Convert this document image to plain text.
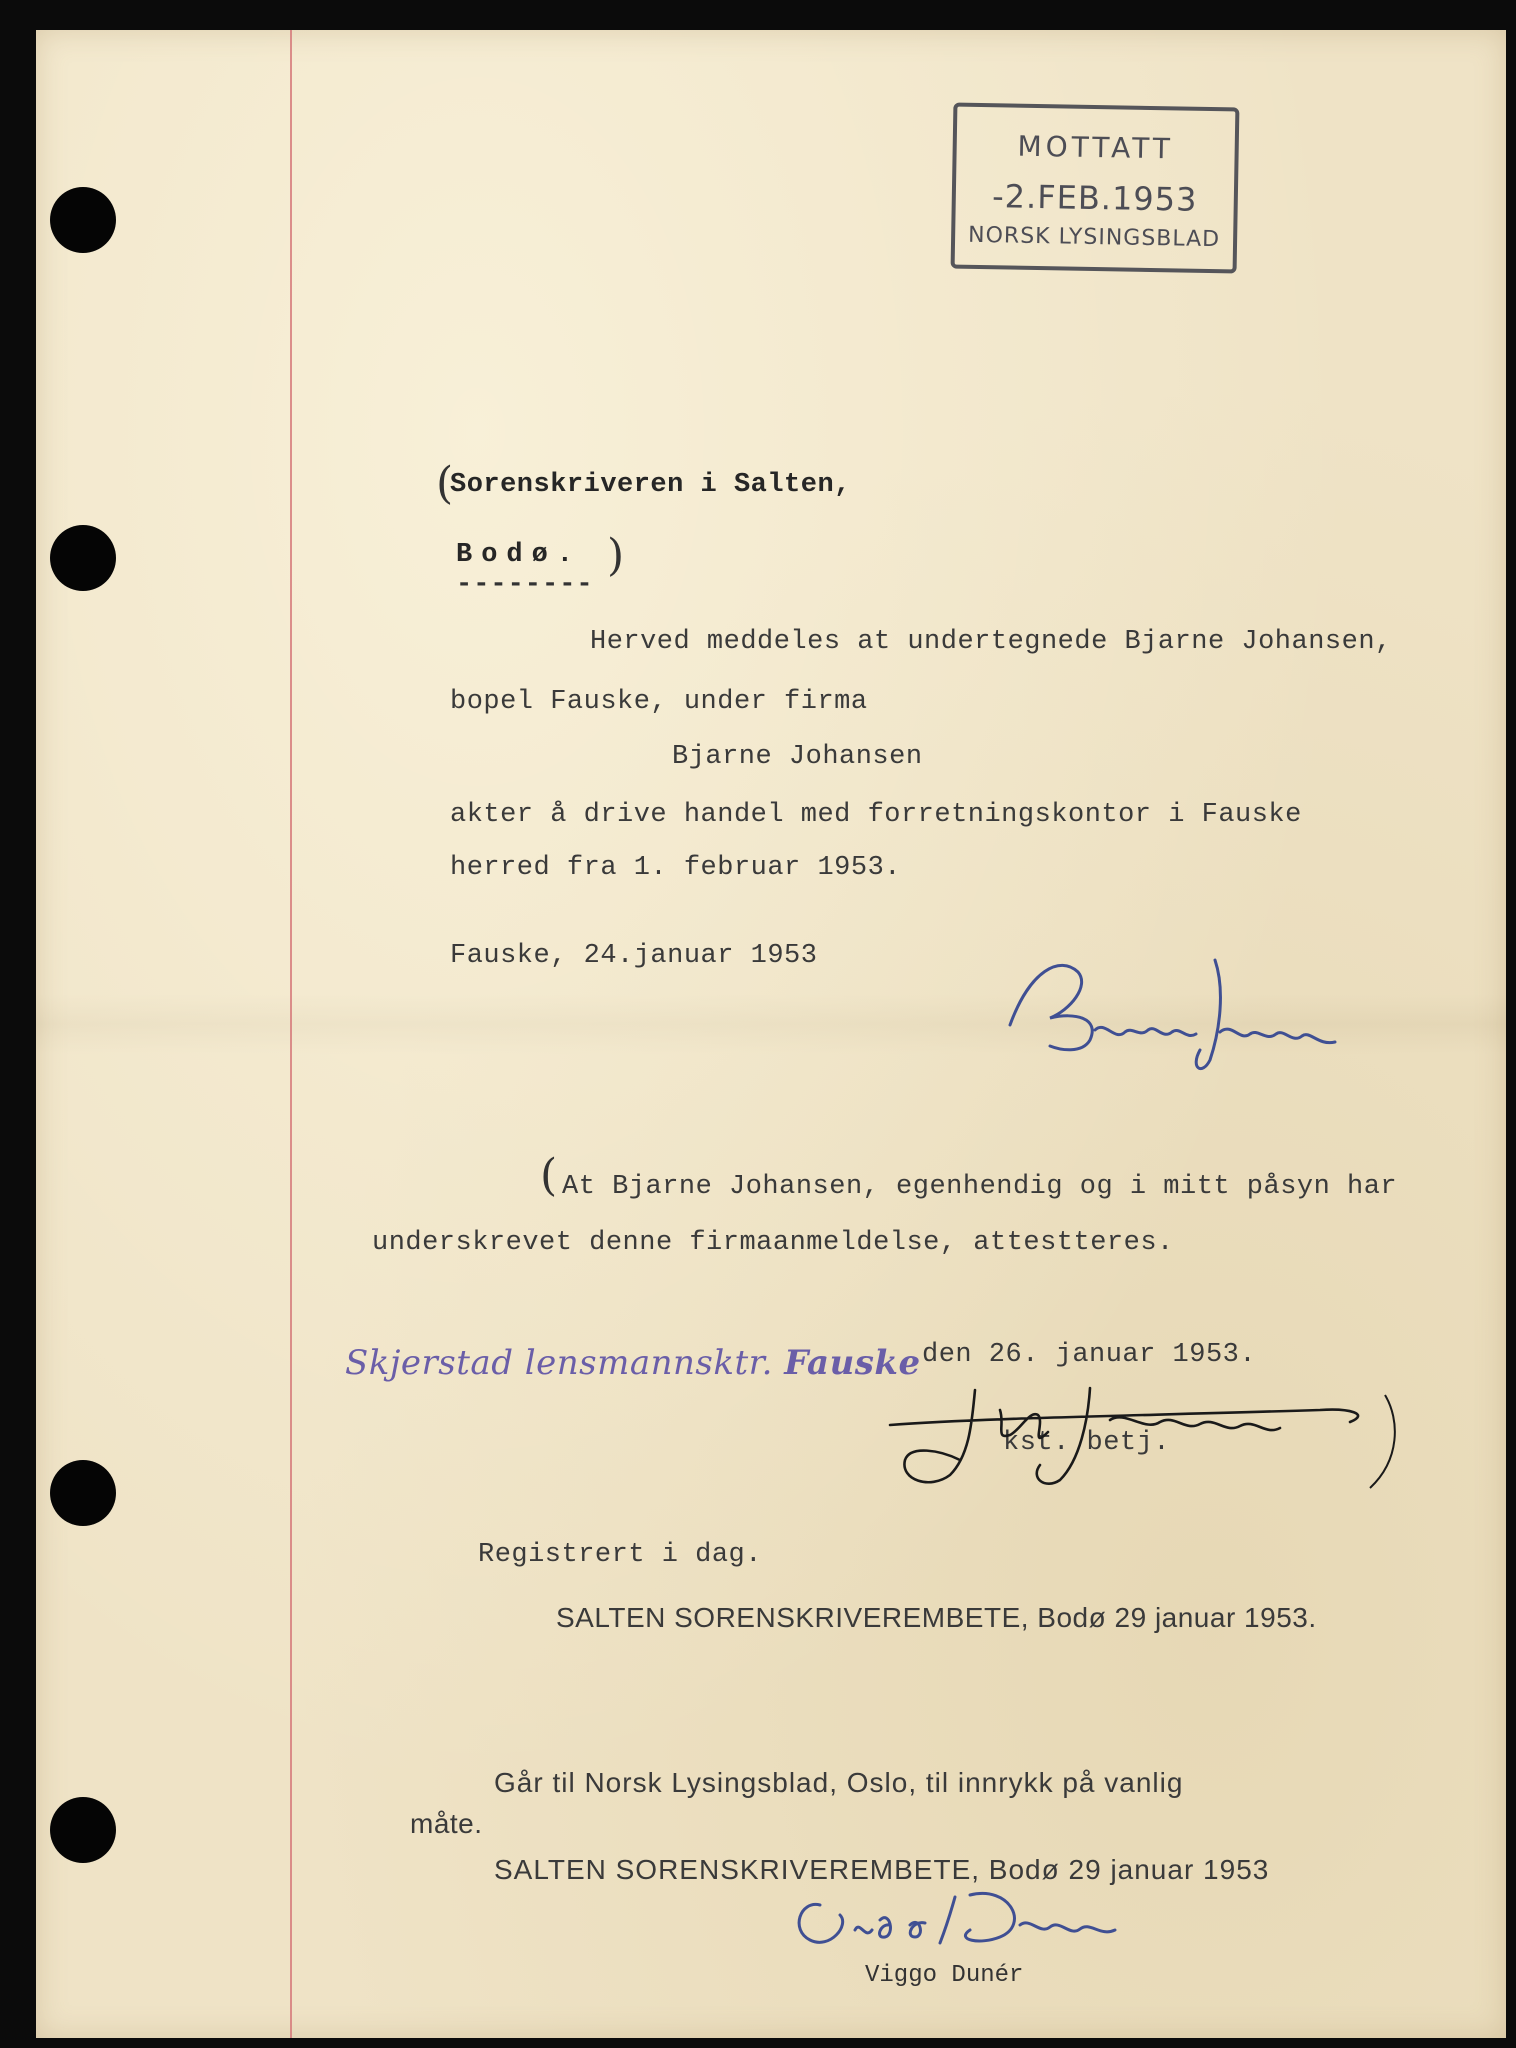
MOTTATT
-2.FEB.1953
NORSK LYSINGSBLAD
(
Sorenskriveren i Salten,
Bodø. )
--------
Herved meddeles at undertegnede Bjarne Johansen,
bopel Fauske, under firma
Bjarne Johansen
akter å drive handel med forretningskontor i Fauske
herred fra 1. februar 1953.
Fauske, 24.januar 1953
( At Bjarne Johansen, egenhendig og i mitt påsyn har
underskrevet denne firmaanmeldelse, attestteres.
Skjerstad lensmannsktr. Fauske den 26. januar 1953.
kst. betj.
Registrert i dag.
SALTEN SORENSKRIVEREMBETE, Bodø 29 januar 1953.
Går til Norsk Lysingsblad, Oslo, til innrykk på vanlig
måte.
SALTEN SORENSKRIVEREMBETE, Bodø 29 januar 1953
Viggo Dunér
